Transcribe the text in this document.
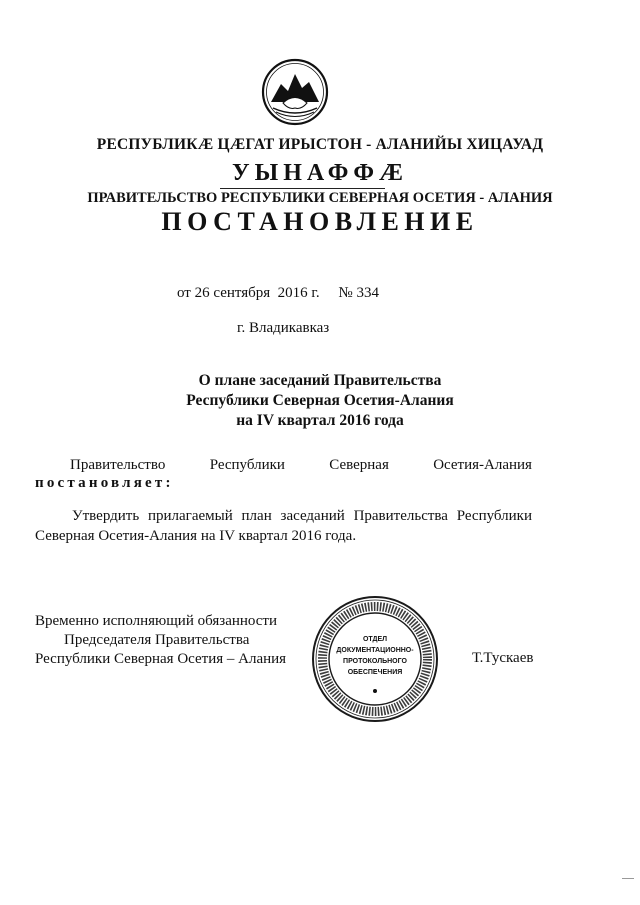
РЕСПУБЛИКӔ ЦӔГАТ ИРЫСТОН - АЛАНИЙЫ ХИЦАУАД
УЫНАФФӔ
ПРАВИТЕЛЬСТВО РЕСПУБЛИКИ СЕВЕРНАЯ ОСЕТИЯ - АЛАНИЯ
ПОСТАНОВЛЕНИЕ
от 26 сентября  2016 г.     № 334
г. Владикавказ
О плане заседаний Правительства
Республики Северная Осетия-Алания
на IV квартал 2016 года
Правительство	Республики	Северная	Осетия-Алания
постановляет:
Утвердить прилагаемый план заседаний Правительства Республики Северная Осетия-Алания на IV квартал 2016 года.
Временно исполняющий обязанности
Председателя Правительства
Республики Северная Осетия – Алания
ОТДЕЛ
ДОКУМЕНТАЦИОННО-
ПРОТОКОЛЬНОГО
ОБЕСПЕЧЕНИЯ
Т.Тускаев
